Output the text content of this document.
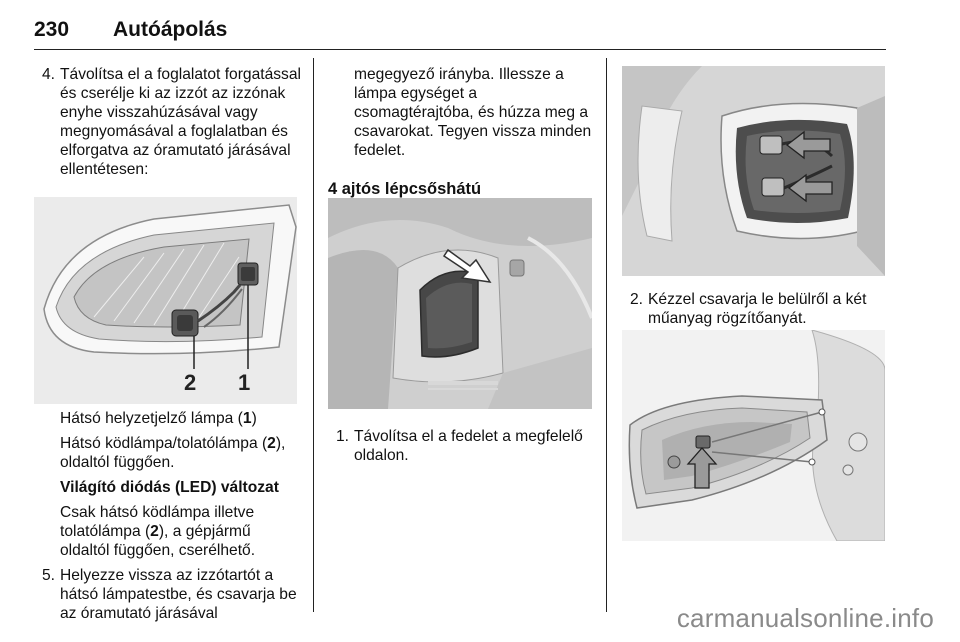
230 Autóápolás

4. Távolítsa el a foglalatot forgatással és cserélje ki az izzót az izzónak enyhe visszahúzásával vagy megnyomásával a foglalatban és elforgatva az óramutató járásával ellentétesen:

2 1

Hátsó helyzetjelző lámpa (1)

Hátsó ködlámpa/tolatólámpa (2), oldaltól függően.

Világító diódás (LED) változat

Csak hátsó ködlámpa illetve tolatólámpa (2), a gépjármű oldaltól függően, cserélhető.

5. Helyezze vissza az izzótartót a hátsó lámpatestbe, és csavarja be az óramutató járásával

megegyező irányba. Illessze a lámpa egységet a csomagtérajtóba, és húzza meg a csavarokat. Tegyen vissza minden fedelet.

4 ajtós lépcsőshátú

1. Távolítsa el a fedelet a megfelelő oldalon.

2. Kézzel csavarja le belülről a két műanyag rögzítőanyát.

carmanualsonline.info
